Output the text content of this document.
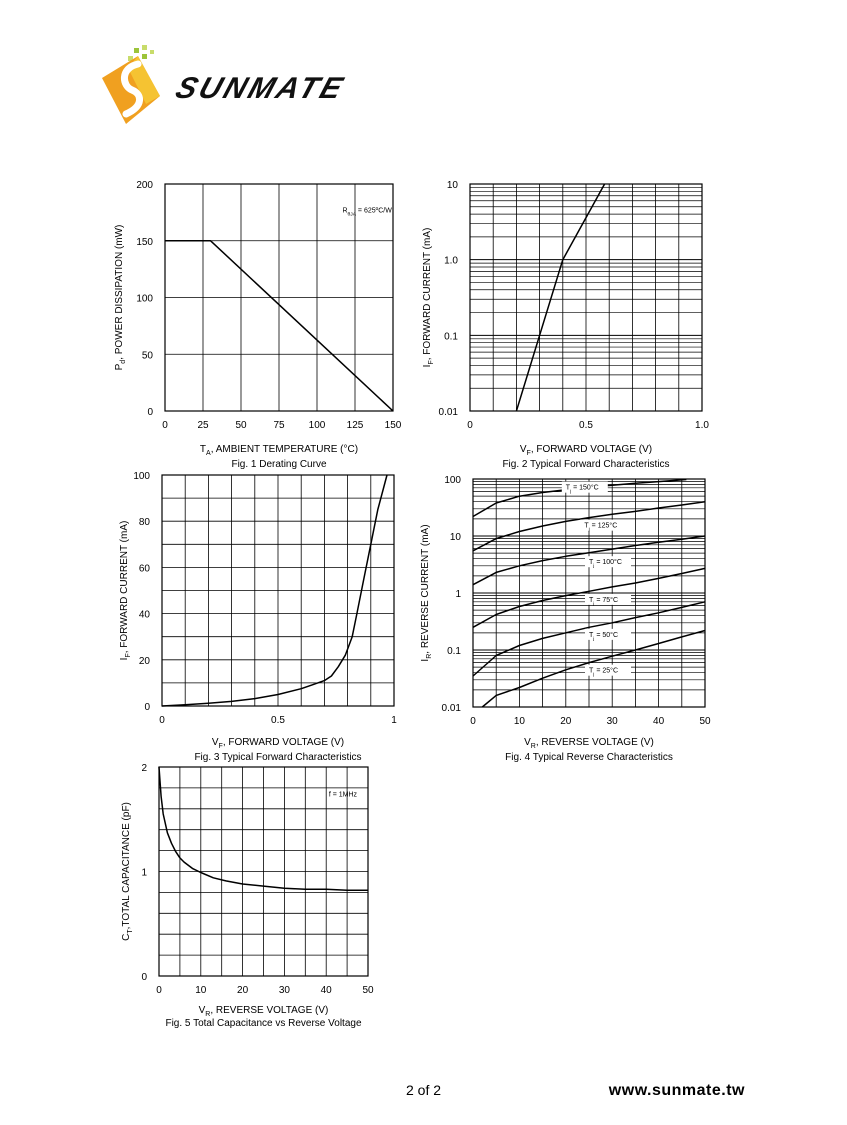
SUNMATE
0	25	50	75 100 125 150
0
50
100
150
200
$T_A$, AMBIENT TEMPERATURE (°C)
$P_d$, POWER DISSIPATION (mW)
Fig. 1 Derating Curve
$R_{\theta JA}$ = 625ºC/W
0	0.5	1.0
0.01
0.1
1.0
10
$V_F$, FORWARD VOLTAGE (V)
$I_F$, FORWARD CURRENT (mA)
Fig. 2 Typical Forward Characteristics
0	0.5	1
0
20
40
60
80
100
$V_F$, FORWARD VOLTAGE (V)
$I_F$, FORWARD CURRENT (mA)
Fig. 3 Typical Forward Characteristics
0	10	20	30	40	50
0.01
0.1
1
10
100
$V_R$, REVERSE VOLTAGE (V)
$I_R$, REVERSE CURRENT (mA)
Fig. 4 Typical Reverse Characteristics
$T_j = 150^\circ C$
$T_j = 125^\circ C$
$T_j = 100^\circ C$
$T_j = 75^\circ C$
$T_j = 50^\circ C$
$T_j = 25^\circ C$
0	10	20	30	40	50
0
1
2
$V_R$, REVERSE VOLTAGE (V)
$C_T,TOTAL$ CAPACITANCE (pF)
Fig. 5 Total Capacitance vs Reverse Voltage
f = 1MHz
2 of 2	www.sunmate.tw
